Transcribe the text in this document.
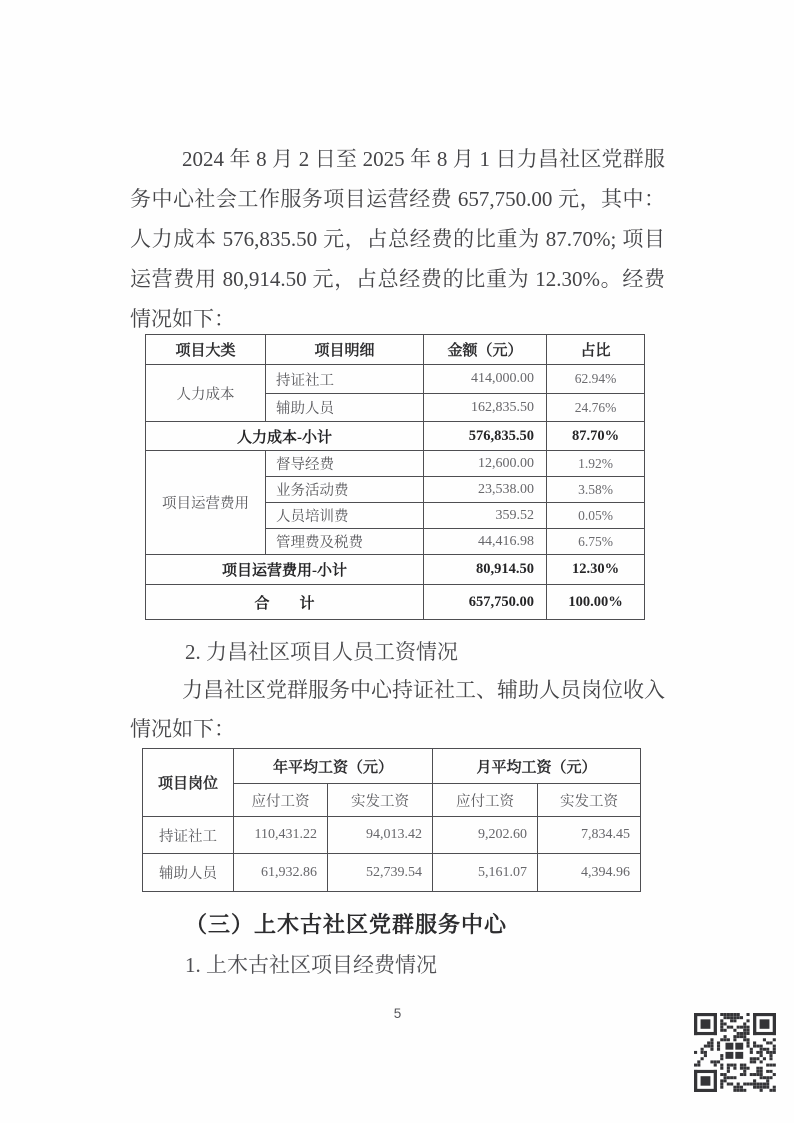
2024 年 8 月 2 日至 2025 年 8 月 1 日力昌社区党群服务中心社会工作服务项目运营经费 657,750.00 元，其中：人力成本 576,835.50 元，占总经费的比重为 87.70%; 项目运营费用 80,914.50 元，占总经费的比重为 12.30%。经费情况如下：

项目大类	项目明细	金额（元）	占比
人力成本	持证社工	414,000.00	62.94%
	辅助人员	162,835.50	24.76%
人力成本-小计		576,835.50	87.70%
项目运营费用	督导经费	12,600.00	1.92%
	业务活动费	23,538.00	3.58%
	人员培训费	359.52	0.05%
	管理费及税费	44,416.98	6.75%
项目运营费用-小计		80,914.50	12.30%
合　　计		657,750.00	100.00%

2. 力昌社区项目人员工资情况

力昌社区党群服务中心持证社工、辅助人员岗位收入情况如下：

项目岗位	年平均工资（元）		月平均工资（元）	
	应付工资	实发工资	应付工资	实发工资
持证社工	110,431.22	94,013.42	9,202.60	7,834.45
辅助人员	61,932.86	52,739.54	5,161.07	4,394.96

（三）上木古社区党群服务中心

1. 上木古社区项目经费情况

5
